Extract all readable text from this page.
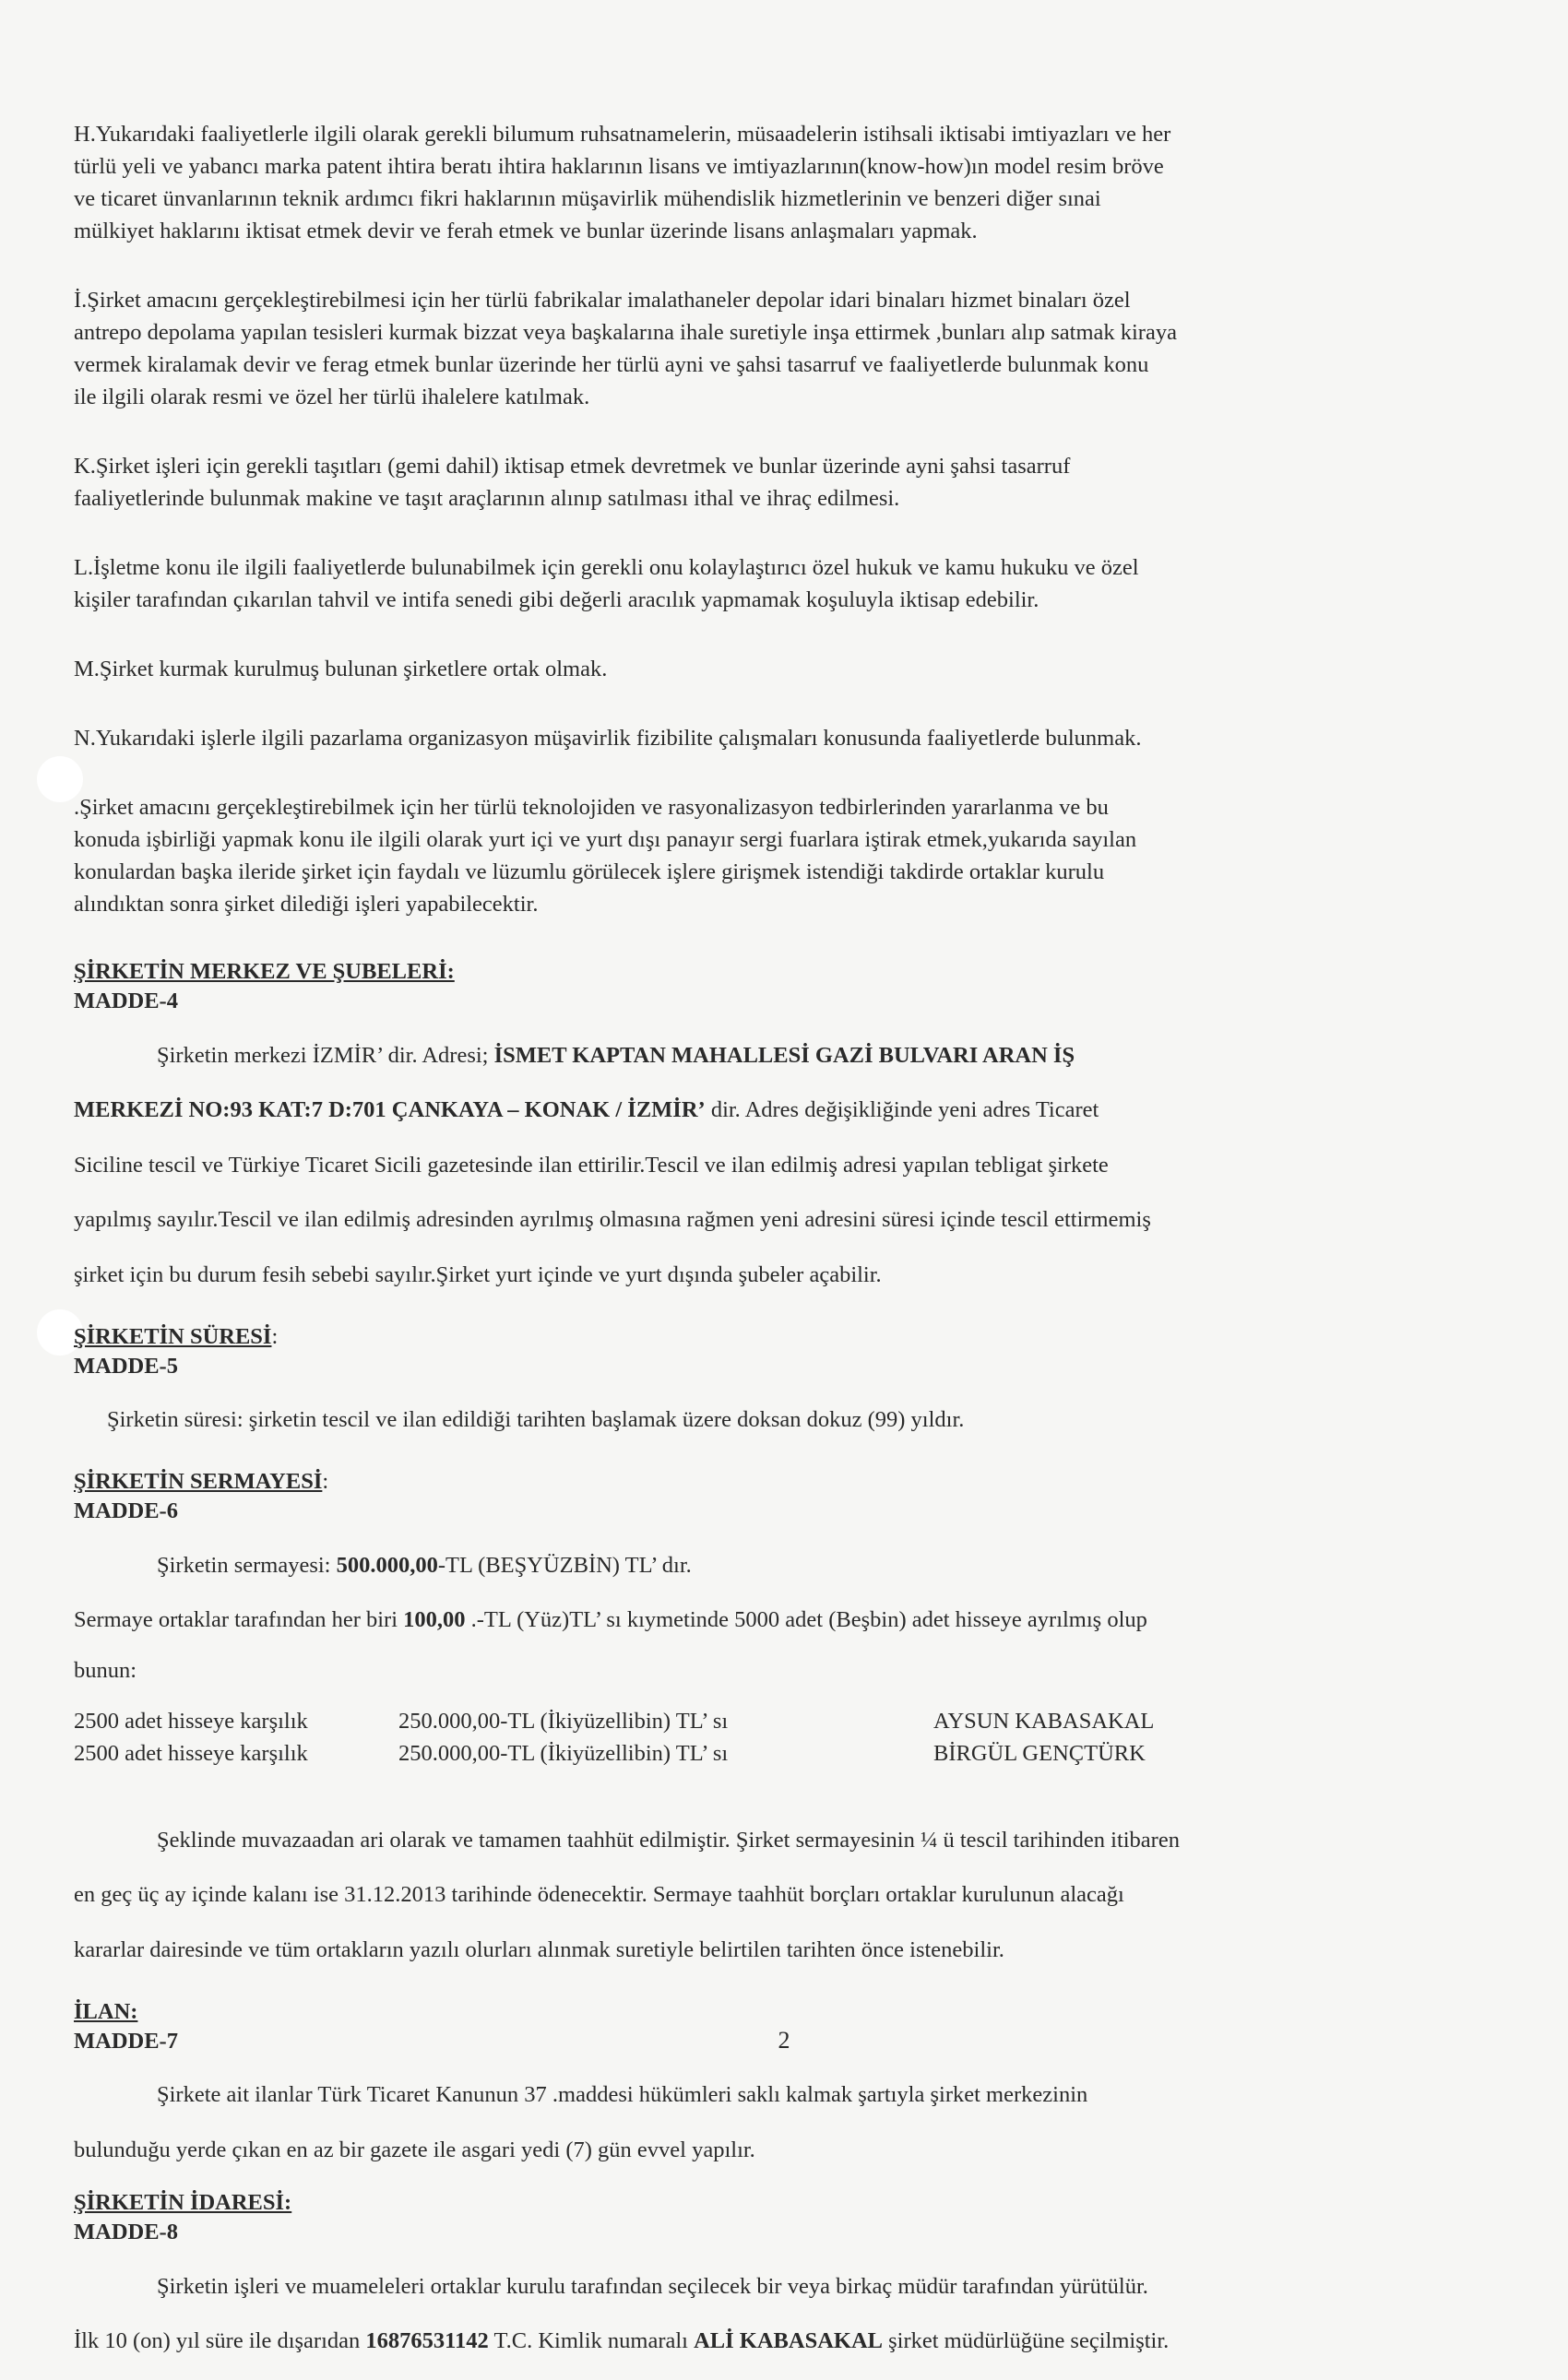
H.Yukarıdaki faaliyetlerle ilgili olarak gerekli bilumum ruhsatnamelerin, müsaadelerin istihsali iktisabi imtiyazları ve her

türlü yeli ve yabancı marka patent ihtira beratı ihtira haklarının lisans ve imtiyazlarının(know-how)ın model resim bröve

ve ticaret ünvanlarının teknik ardımcı fikri haklarının müşavirlik mühendislik hizmetlerinin ve benzeri diğer sınai

mülkiyet haklarını iktisat etmek devir ve ferah etmek ve bunlar üzerinde lisans anlaşmaları yapmak.

İ.Şirket amacını gerçekleştirebilmesi için her türlü fabrikalar imalathaneler depolar idari binaları hizmet binaları özel

antrepo depolama yapılan tesisleri kurmak bizzat veya başkalarına ihale suretiyle inşa ettirmek ,bunları alıp satmak kiraya

vermek kiralamak devir ve ferag etmek bunlar üzerinde her türlü ayni ve şahsi tasarruf ve faaliyetlerde bulunmak konu

ile ilgili olarak resmi ve özel her türlü ihalelere katılmak.

K.Şirket işleri için gerekli taşıtları (gemi dahil) iktisap etmek devretmek ve bunlar üzerinde ayni şahsi tasarruf

faaliyetlerinde bulunmak makine ve taşıt araçlarının alınıp satılması ithal ve ihraç edilmesi.

L.İşletme konu ile ilgili faaliyetlerde bulunabilmek için gerekli onu kolaylaştırıcı özel hukuk ve kamu hukuku ve özel

kişiler tarafından çıkarılan tahvil ve intifa senedi gibi değerli aracılık yapmamak koşuluyla iktisap edebilir.

M.Şirket kurmak kurulmuş bulunan şirketlere ortak olmak.

N.Yukarıdaki işlerle ilgili pazarlama organizasyon müşavirlik fizibilite çalışmaları konusunda faaliyetlerde bulunmak.

.Şirket amacını gerçekleştirebilmek için her türlü teknolojiden ve rasyonalizasyon tedbirlerinden yararlanma ve bu

konuda işbirliği yapmak konu ile ilgili olarak yurt içi ve yurt dışı panayır sergi fuarlara iştirak etmek,yukarıda sayılan

konulardan başka ileride şirket için faydalı ve lüzumlu görülecek işlere girişmek istendiği takdirde ortaklar kurulu

alındıktan sonra şirket dilediği işleri yapabilecektir.

ŞİRKETİN MERKEZ VE ŞUBELERİ:

MADDE-4

Şirketin merkezi İZMİR’ dir. Adresi; İSMET KAPTAN MAHALLESİ GAZİ BULVARI ARAN İŞ

MERKEZİ NO:93 KAT:7 D:701 ÇANKAYA – KONAK / İZMİR’ dir. Adres değişikliğinde yeni adres Ticaret

Siciline tescil ve Türkiye Ticaret Sicili gazetesinde ilan ettirilir.Tescil ve ilan edilmiş adresi yapılan tebligat şirkete

yapılmış sayılır.Tescil ve ilan edilmiş adresinden ayrılmış olmasına rağmen yeni adresini süresi içinde tescil ettirmemiş

şirket için bu durum fesih sebebi sayılır.Şirket yurt içinde ve yurt dışında şubeler açabilir.

ŞİRKETİN SÜRESİ:

MADDE-5

Şirketin süresi: şirketin tescil ve ilan edildiği tarihten başlamak üzere doksan dokuz (99) yıldır.

ŞİRKETİN SERMAYESİ:

MADDE-6

Şirketin sermayesi: 500.000,00-TL (BEŞYÜZBİN) TL’ dır.

Sermaye ortaklar tarafından her biri 100,00 .-TL (Yüz)TL’ sı kıymetinde 5000 adet (Beşbin) adet hisseye ayrılmış olup

bunun:

2500 adet hisseye karşılık	250.000,00-TL (İkiyüzellibin) TL’ sı	AYSUN KABASAKAL
2500 adet hisseye karşılık	250.000,00-TL (İkiyüzellibin) TL’ sı	BİRGÜL GENÇTÜRK

Şeklinde muvazaadan ari olarak ve tamamen taahhüt edilmiştir. Şirket sermayesinin ¼ ü tescil tarihinden itibaren

en geç üç ay içinde kalanı ise 31.12.2013 tarihinde ödenecektir. Sermaye taahhüt borçları ortaklar kurulunun alacağı

kararlar dairesinde ve tüm ortakların yazılı olurları alınmak suretiyle belirtilen tarihten önce istenebilir.

İLAN:

MADDE-7

Şirkete ait ilanlar Türk Ticaret Kanunun 37 .maddesi hükümleri saklı kalmak şartıyla şirket merkezinin

bulunduğu yerde çıkan en az bir gazete ile asgari yedi (7) gün evvel yapılır.

ŞİRKETİN İDARESİ:

MADDE-8

Şirketin işleri ve muameleleri ortaklar kurulu tarafından seçilecek bir veya birkaç müdür tarafından yürütülür.

İlk 10 (on) yıl süre ile dışarıdan 16876531142 T.C. Kimlik numaralı ALİ KABASAKAL şirket müdürlüğüne seçilmiştir.

2
